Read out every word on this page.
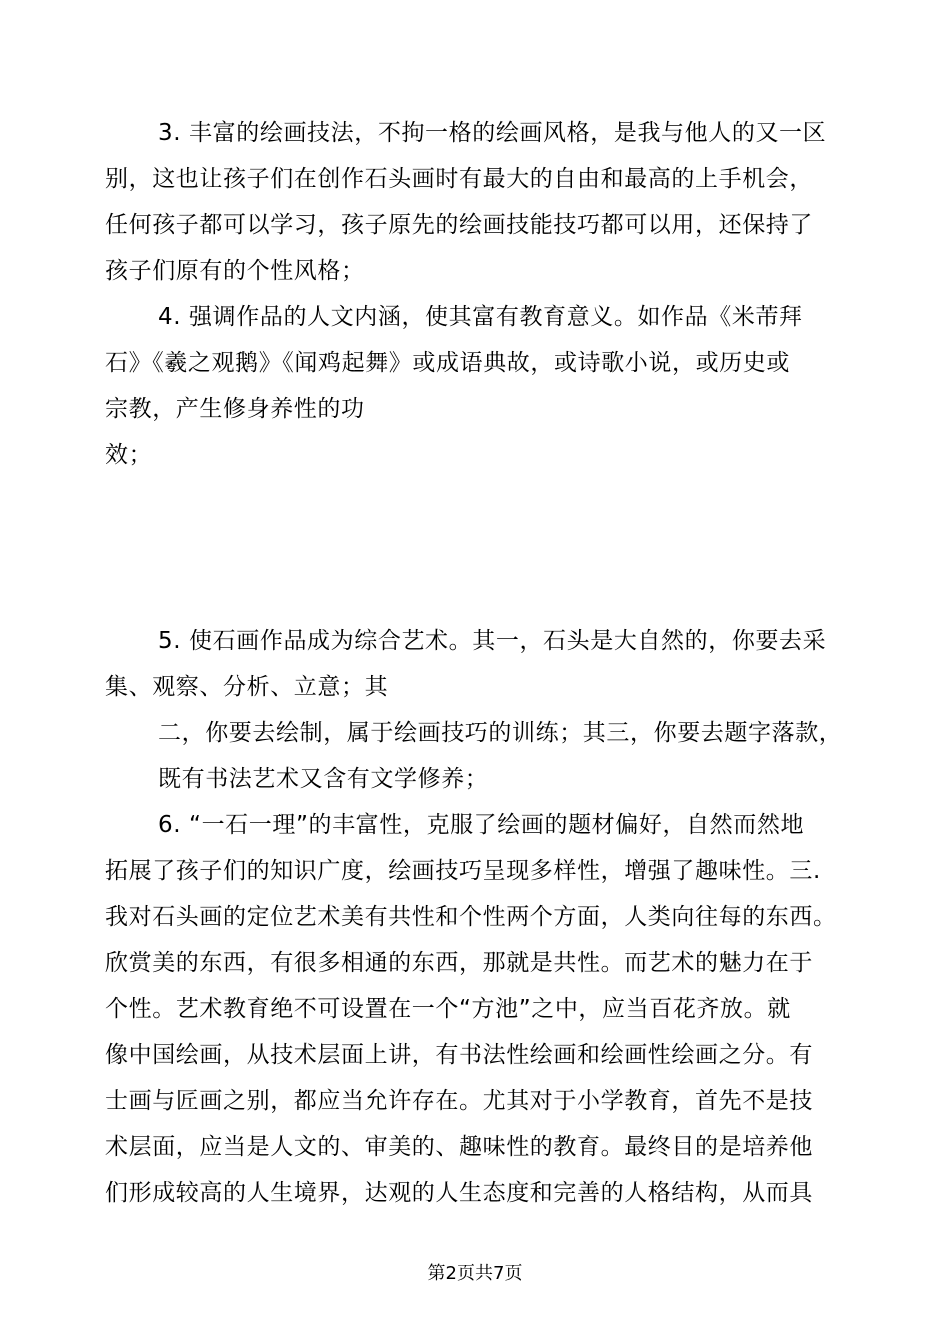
3. 丰富的绘画技法，不拘一格的绘画风格，是我与他人的又一区
别，这也让孩子们在创作石头画时有最大的自由和最高的上手机会，
任何孩子都可以学习，孩子原先的绘画技能技巧都可以用，还保持了
孩子们原有的个性风格；
4. 强调作品的人文内涵，使其富有教育意义。如作品《米芾拜
石》《羲之观鹅》《闻鸡起舞》或成语典故，或诗歌小说，或历史或
宗教，产生修身养性的功
效；
5. 使石画作品成为综合艺术。其一，石头是大自然的，你要去采
集、观察、分析、立意；其
二，你要去绘制，属于绘画技巧的训练；其三，你要去题字落款，
既有书法艺术又含有文学修养；
6. “一石一理”的丰富性，克服了绘画的题材偏好，自然而然地
拓展了孩子们的知识广度，绘画技巧呈现多样性，增强了趣味性。三.
我对石头画的定位艺术美有共性和个性两个方面，人类向往每的东西。
欣赏美的东西，有很多相通的东西，那就是共性。而艺术的魅力在于
个性。艺术教育绝不可设置在一个“方池”之中，应当百花齐放。就
像中国绘画，从技术层面上讲，有书法性绘画和绘画性绘画之分。有
士画与匠画之别，都应当允许存在。尤其对于小学教育，首先不是技
术层面，应当是人文的、审美的、趣味性的教育。最终目的是培养他
们形成较高的人生境界，达观的人生态度和完善的人格结构，从而具
第2页共7页
